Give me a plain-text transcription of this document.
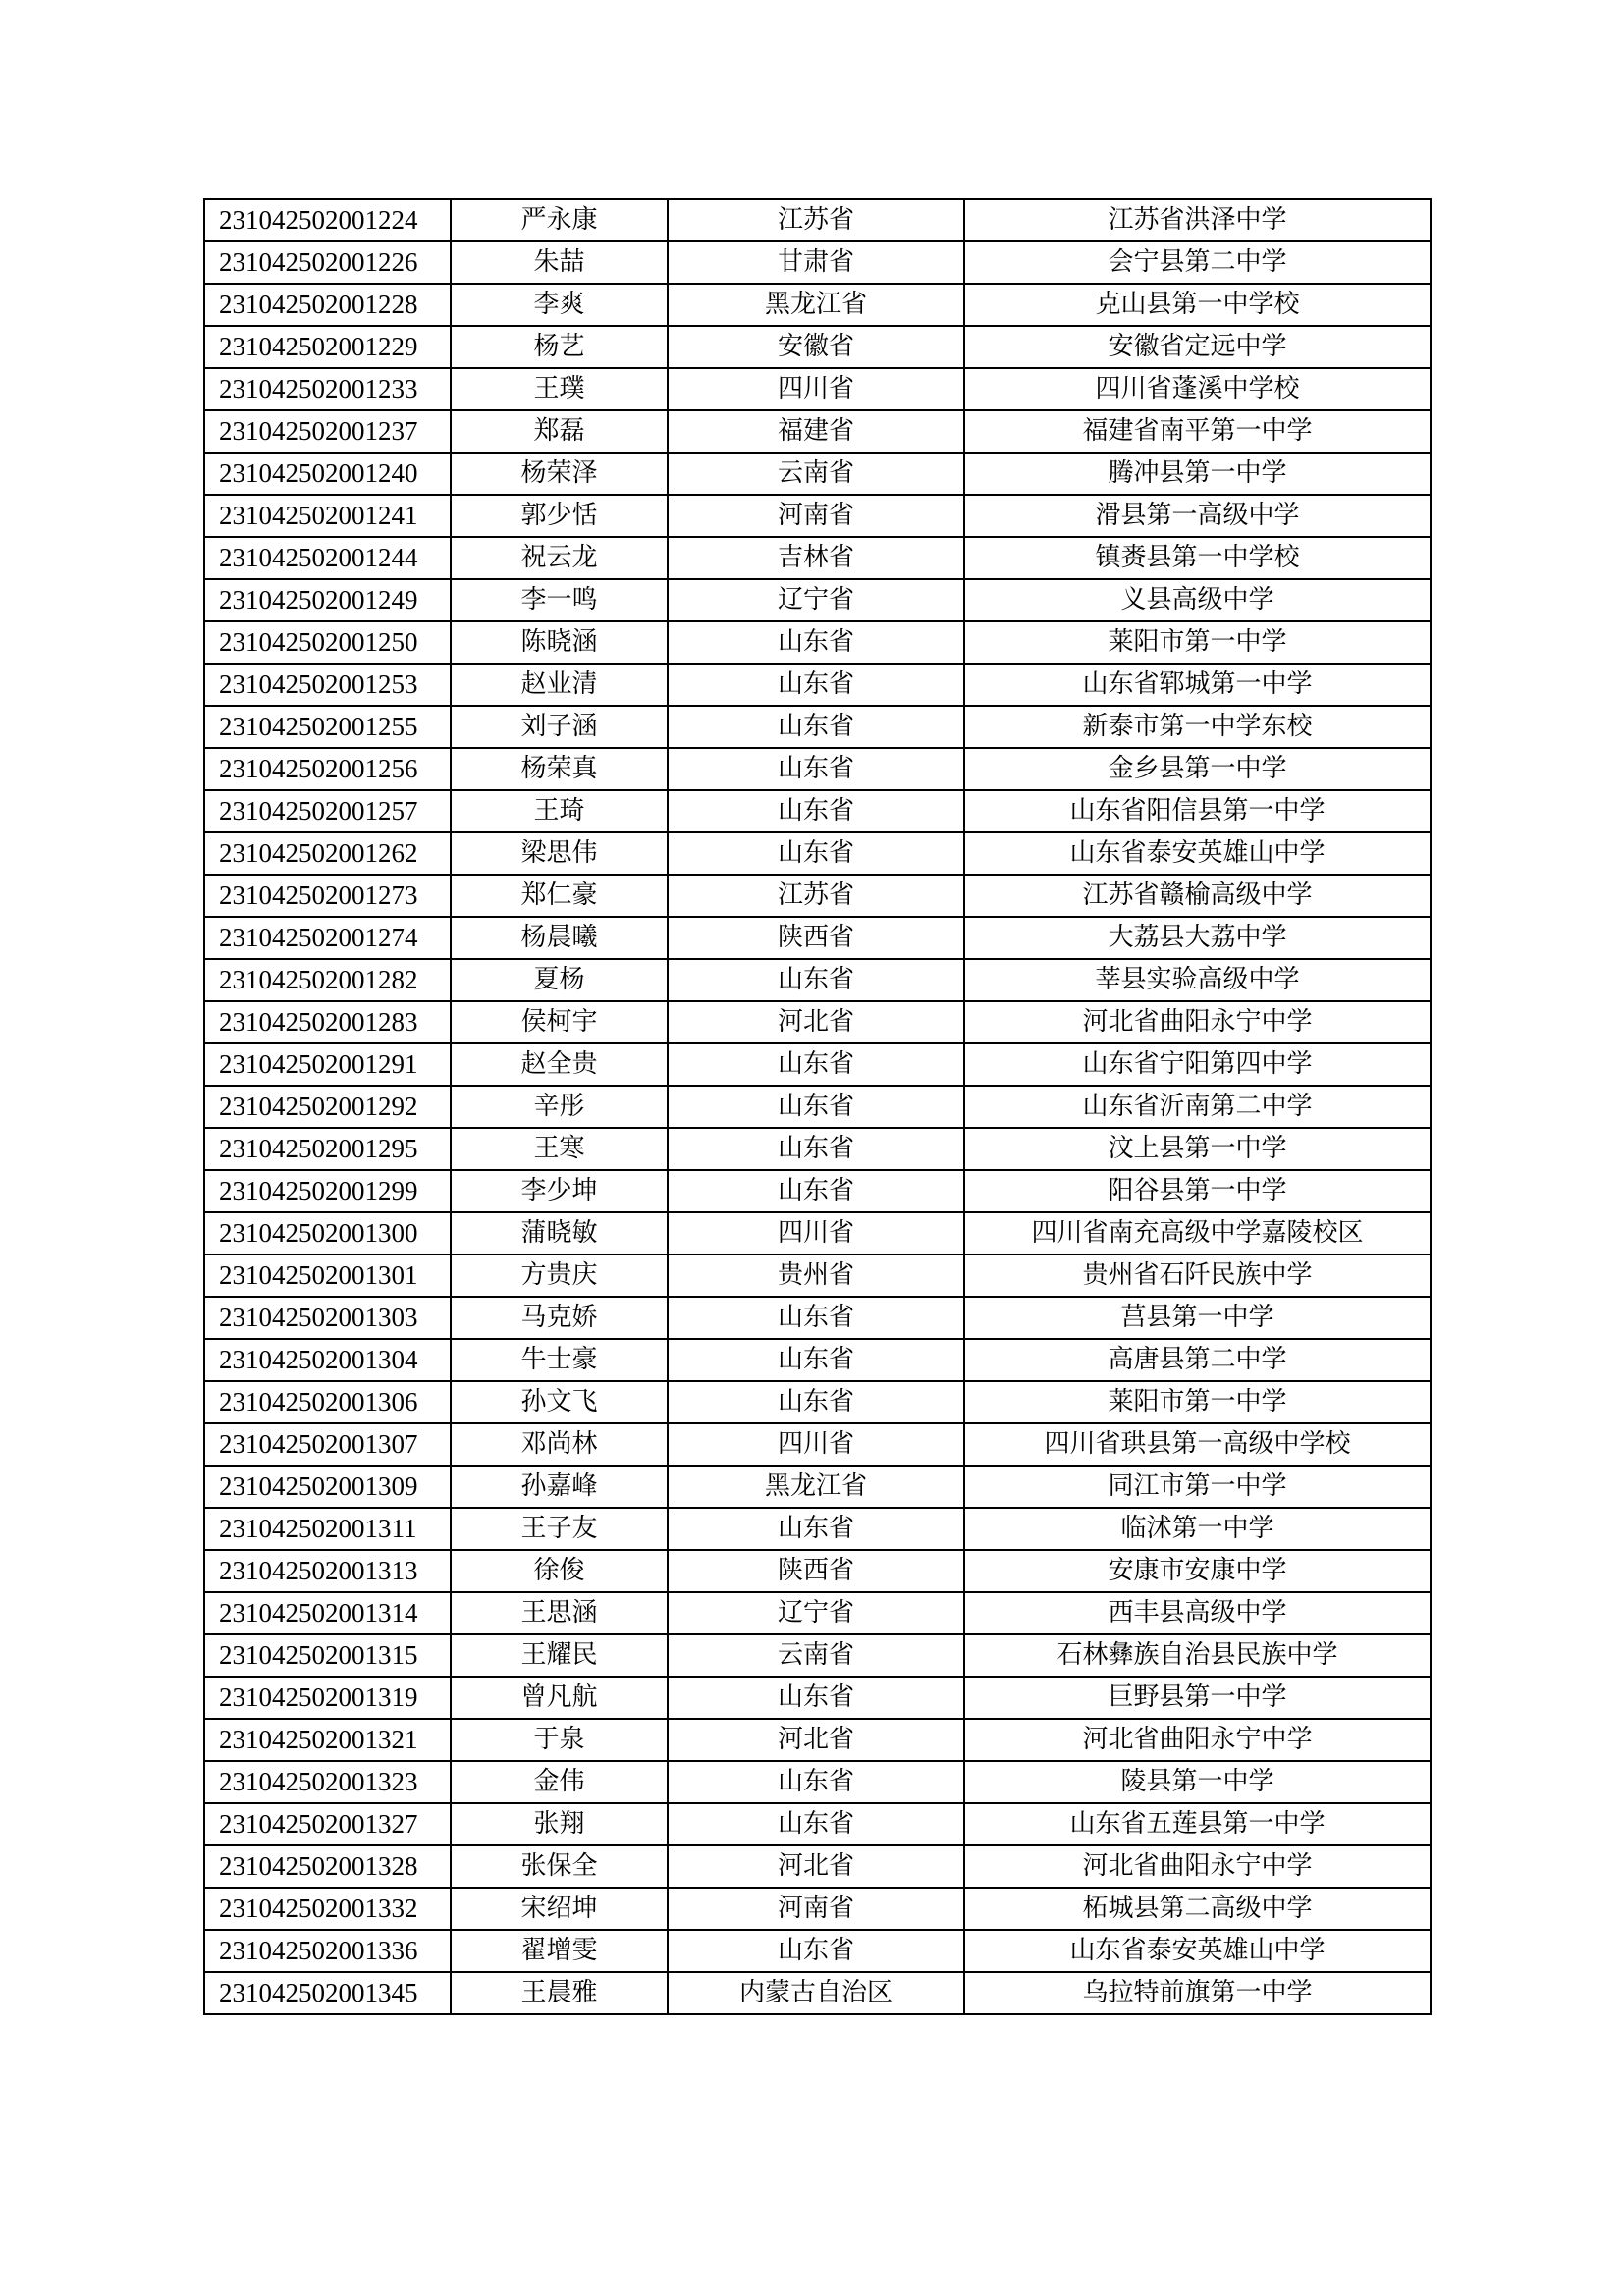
231042502001224	严永康	江苏省	江苏省洪泽中学
231042502001226	朱喆	甘肃省	会宁县第二中学
231042502001228	李爽	黑龙江省	克山县第一中学校
231042502001229	杨艺	安徽省	安徽省定远中学
231042502001233	王璞	四川省	四川省蓬溪中学校
231042502001237	郑磊	福建省	福建省南平第一中学
231042502001240	杨荣泽	云南省	腾冲县第一中学
231042502001241	郭少恬	河南省	滑县第一高级中学
231042502001244	祝云龙	吉林省	镇赉县第一中学校
231042502001249	李一鸣	辽宁省	义县高级中学
231042502001250	陈晓涵	山东省	莱阳市第一中学
231042502001253	赵业清	山东省	山东省郓城第一中学
231042502001255	刘子涵	山东省	新泰市第一中学东校
231042502001256	杨荣真	山东省	金乡县第一中学
231042502001257	王琦	山东省	山东省阳信县第一中学
231042502001262	梁思伟	山东省	山东省泰安英雄山中学
231042502001273	郑仁豪	江苏省	江苏省赣榆高级中学
231042502001274	杨晨曦	陕西省	大荔县大荔中学
231042502001282	夏杨	山东省	莘县实验高级中学
231042502001283	侯柯宇	河北省	河北省曲阳永宁中学
231042502001291	赵全贵	山东省	山东省宁阳第四中学
231042502001292	辛彤	山东省	山东省沂南第二中学
231042502001295	王寒	山东省	汶上县第一中学
231042502001299	李少坤	山东省	阳谷县第一中学
231042502001300	蒲晓敏	四川省	四川省南充高级中学嘉陵校区
231042502001301	方贵庆	贵州省	贵州省石阡民族中学
231042502001303	马克娇	山东省	莒县第一中学
231042502001304	牛士豪	山东省	高唐县第二中学
231042502001306	孙文飞	山东省	莱阳市第一中学
231042502001307	邓尚林	四川省	四川省珙县第一高级中学校
231042502001309	孙嘉峰	黑龙江省	同江市第一中学
231042502001311	王子友	山东省	临沭第一中学
231042502001313	徐俊	陕西省	安康市安康中学
231042502001314	王思涵	辽宁省	西丰县高级中学
231042502001315	王耀民	云南省	石林彝族自治县民族中学
231042502001319	曾凡航	山东省	巨野县第一中学
231042502001321	于泉	河北省	河北省曲阳永宁中学
231042502001323	金伟	山东省	陵县第一中学
231042502001327	张翔	山东省	山东省五莲县第一中学
231042502001328	张保全	河北省	河北省曲阳永宁中学
231042502001332	宋绍坤	河南省	柘城县第二高级中学
231042502001336	翟增雯	山东省	山东省泰安英雄山中学
231042502001345	王晨雅	内蒙古自治区	乌拉特前旗第一中学
